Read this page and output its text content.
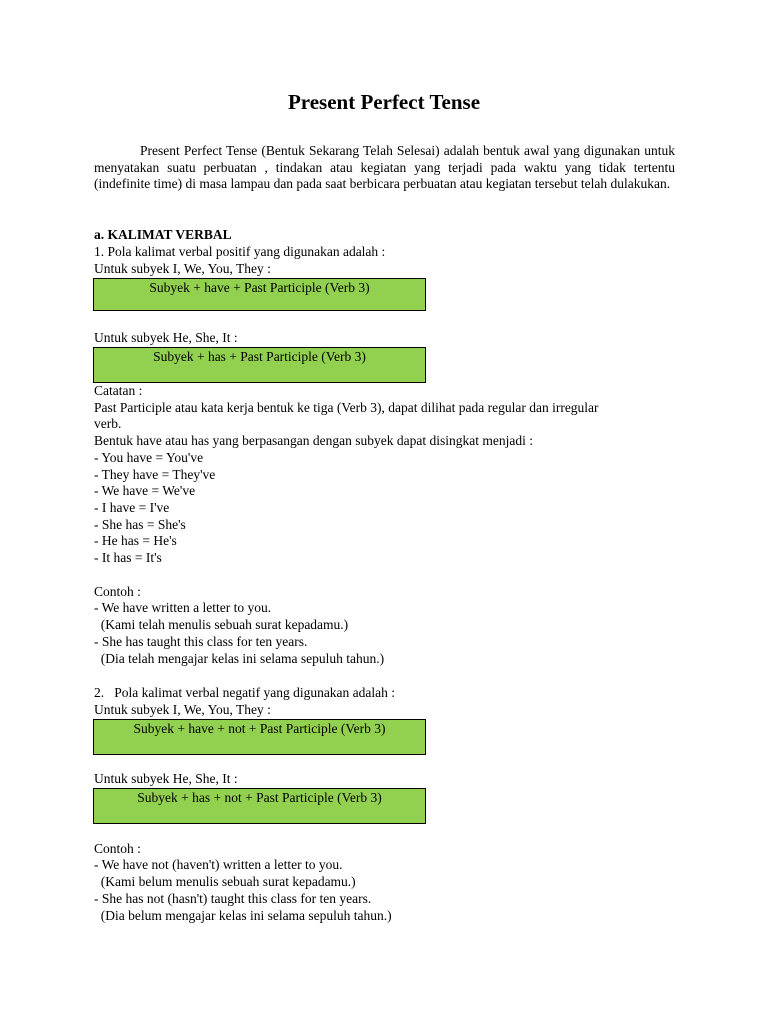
Present Perfect Tense
Present Perfect Tense (Bentuk Sekarang Telah Selesai) adalah bentuk awal yang digunakan untuk menyatakan suatu perbuatan , tindakan atau kegiatan yang terjadi pada waktu yang tidak tertentu (indefinite time) di masa lampau dan pada saat berbicara perbuatan atau kegiatan tersebut telah dulakukan.
a. KALIMAT VERBAL
1. Pola kalimat verbal positif yang digunakan adalah :
Untuk subyek I, We, You, They :
Subyek + have + Past Participle (Verb 3)
Untuk subyek He, She, It :
Subyek + has + Past Participle (Verb 3)
Catatan :
Past Participle atau kata kerja bentuk ke tiga (Verb 3), dapat dilihat pada regular dan irregular
verb.
Bentuk have atau has yang berpasangan dengan subyek dapat disingkat menjadi :
- You have = You've
- They have = They've
- We have = We've
- I have = I've
- She has = She's
- He has = He's
- It has = It's
Contoh :
- We have written a letter to you.
(Kami telah menulis sebuah surat kepadamu.)
- She has taught this class for ten years.
(Dia telah mengajar kelas ini selama sepuluh tahun.)
2.   Pola kalimat verbal negatif yang digunakan adalah :
Untuk subyek I, We, You, They :
Subyek + have + not + Past Participle (Verb 3)
Untuk subyek He, She, It :
Subyek + has + not + Past Participle (Verb 3)
Contoh :
- We have not (haven't) written a letter to you.
(Kami belum menulis sebuah surat kepadamu.)
- She has not (hasn't) taught this class for ten years.
(Dia belum mengajar kelas ini selama sepuluh tahun.)
